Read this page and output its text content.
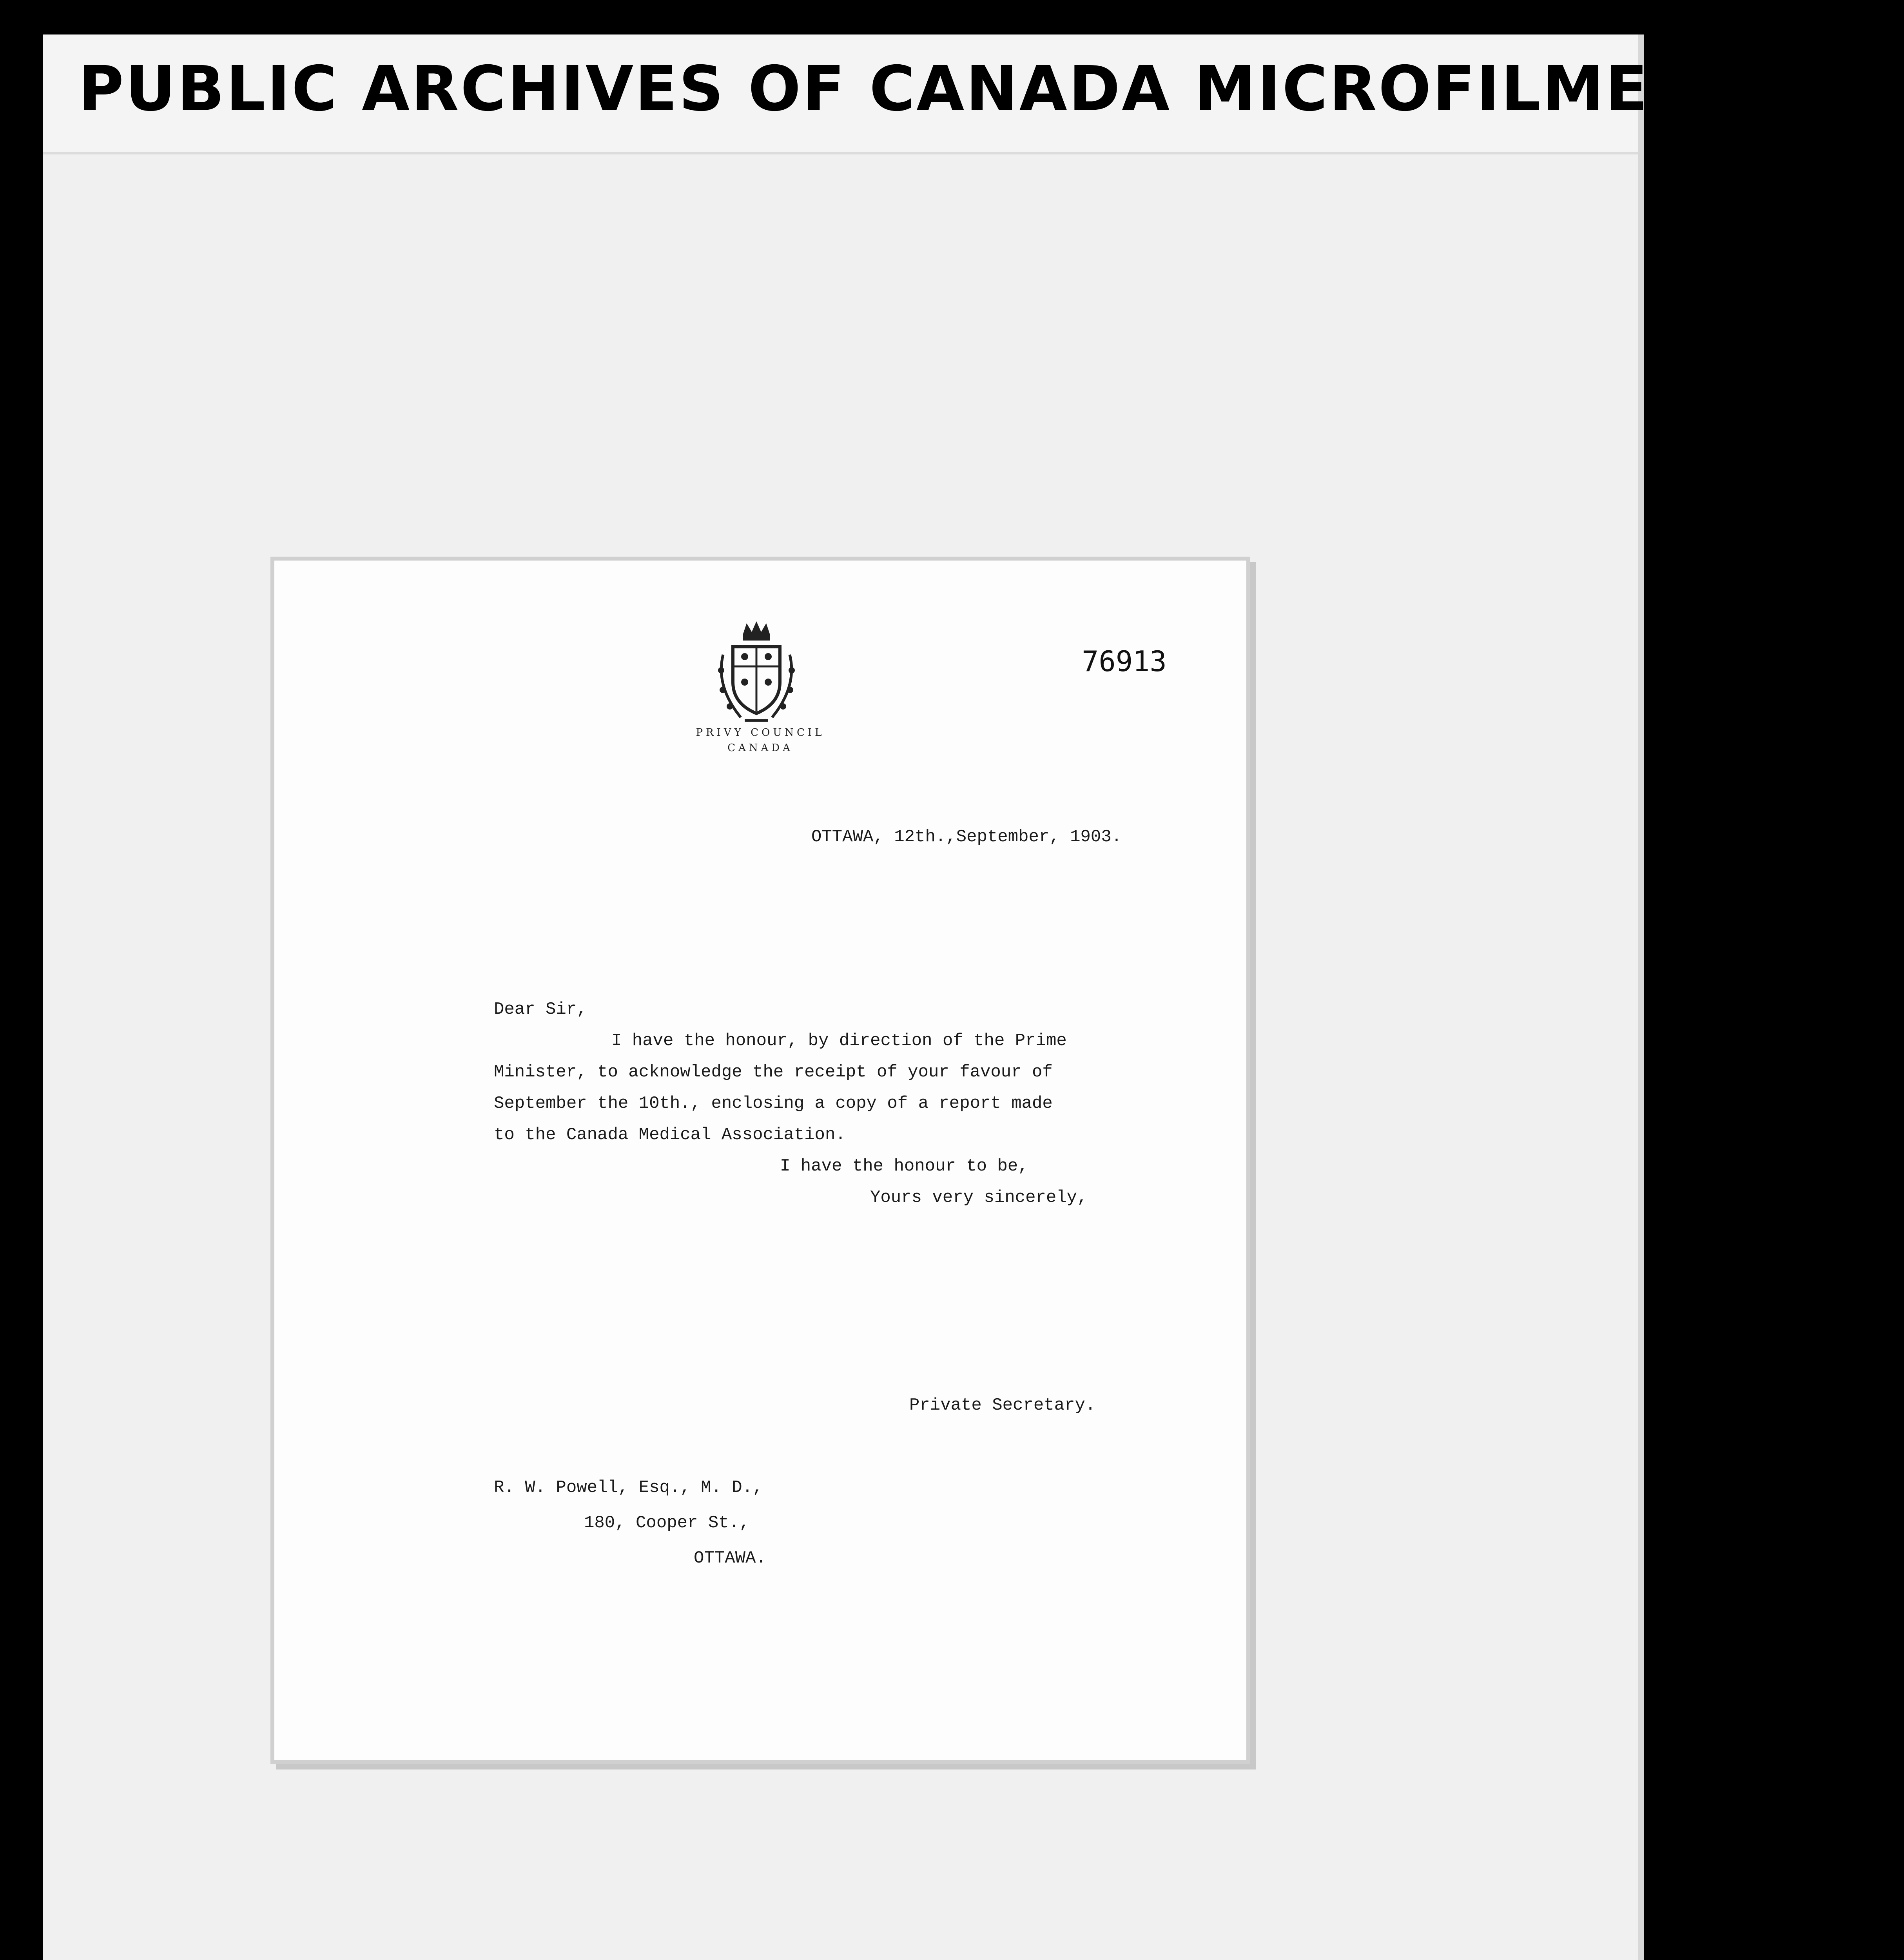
PUBLIC ARCHIVES OF CANADA MICROFILMED 1954
PRIVY COUNCIL
CANADA
76913
OTTAWA, 12th.,September, 1903.
Dear Sir,
I have the honour, by direction of the Prime
Minister, to acknowledge the receipt of your favour of
September the 10th., enclosing a copy of a report made
to the Canada Medical Association.
I have the honour to be,
Yours very sincerely,
Private Secretary.
R. W. Powell, Esq., M. D.,
180, Cooper St.,
OTTAWA.
